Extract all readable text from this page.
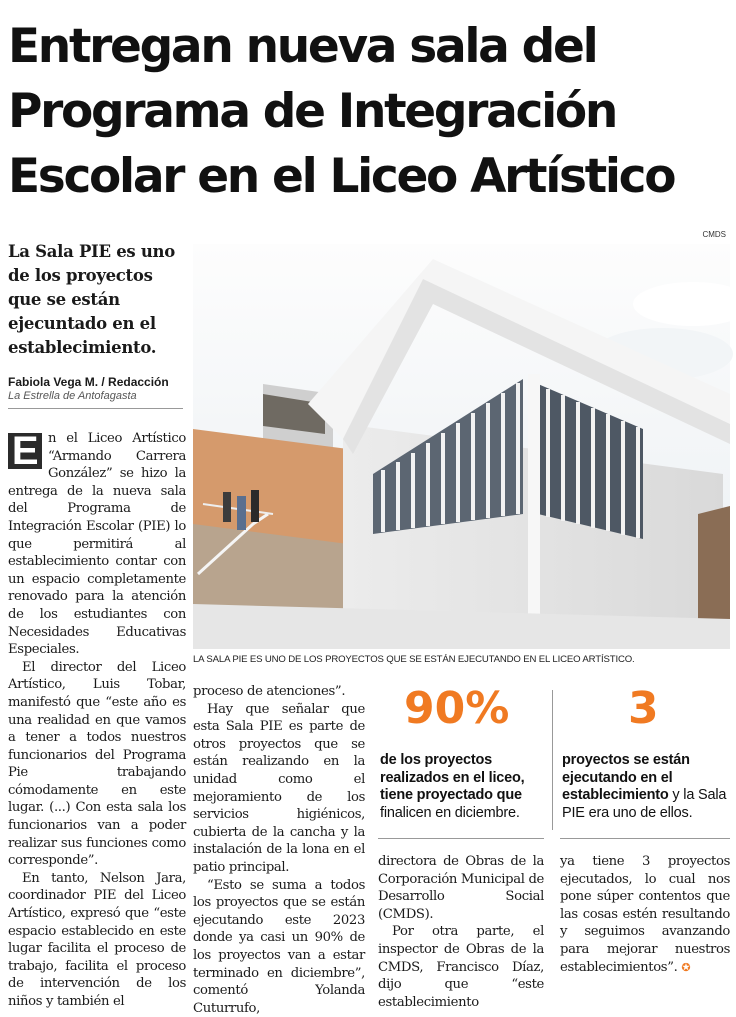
Entregan nueva sala del
Programa de Integración
Escolar en el Liceo Artístico
La Sala PIE es uno de los proyectos que se están ejecuntado en el establecimiento.
Fabiola Vega M. / Redacción
La Estrella de Antofagasta
CMDS
LA SALA PIE ES UNO DE LOS PROYECTOS QUE SE ESTÁN EJECUTANDO EN EL LICEO ARTÍSTICO.

E n el Liceo Artístico “Armando Carrera González” se hizo la entrega de la nueva sala del Programa de Integración Escolar (PIE) lo que permitirá al establecimiento contar con un espacio completamente renovado para la atención de los estudiantes con Necesidades Educativas Especiales.

El director del Liceo Artístico, Luis Tobar, manifestó que “este año es una realidad en que vamos a tener a todos nuestros funcionarios del Programa Pie trabajando cómodamente en este lugar. (...) Con esta sala los funcionarios van a poder realizar sus funciones como corresponde”.

En tanto, Nelson Jara, coordinador PIE del Liceo Artístico, expresó que “este espacio establecido en este lugar facilita el proceso de trabajo, facilita el proceso de intervención de los niños y también el

proceso de atenciones”.

Hay que señalar que esta Sala PIE es parte de otros proyectos que se están realizando en la unidad como el mejoramiento de los servicios higiénicos, cubierta de la cancha y la instalación de la lona en el patio principal.

“Esto se suma a todos los proyectos que se están ejecutando este 2023 donde ya casi un 90% de los proyectos van a estar terminado en diciembre”, comentó Yolanda Cuturrufo,

90%
de los proyectos realizados en el liceo, tiene proyectado que finalicen en diciembre.
3
proyectos se están ejecutando en el establecimiento y la Sala PIE era uno de ellos.

directora de Obras de la Corporación Municipal de Desarrollo Social (CMDS).

Por otra parte, el inspector de Obras de la CMDS, Francisco Díaz, dijo que “este establecimiento

ya tiene 3 proyectos ejecutados, lo cual nos pone súper contentos que las cosas estén resultando y seguimos avanzando para mejorar nuestros establecimientos”. ✪
